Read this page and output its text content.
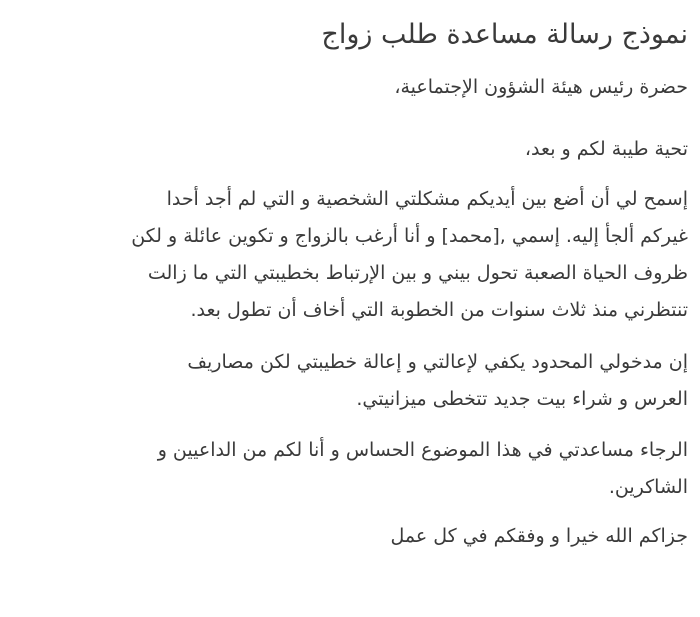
نموذج رسالة مساعدة طلب زواج
حضرة رئيس هيئة الشؤون الإجتماعية،
تحية طيبة لكم و بعد،
إسمح لي أن أضع بين أيديكم مشكلتي الشخصية و التي لم أجد أحدا
غيركم ألجأ إليه. إسمي ,[محمد] و أنا أرغب بالزواج و تكوين عائلة و لكن
ظروف الحياة الصعبة تحول بيني و بين الإرتباط بخطيبتي التي ما زالت
تنتظرني منذ ثلاث سنوات من الخطوبة التي أخاف أن تطول بعد.
إن مدخولي المحدود يكفي لإعالتي و إعالة خطيبتي لكن مصاريف
العرس و شراء بيت جديد تتخطى ميزانيتي.
الرجاء مساعدتي في هذا الموضوع الحساس و أنا لكم من الداعيين و
الشاكرين.
جزاكم الله خيرا و وفقكم في كل عمل
